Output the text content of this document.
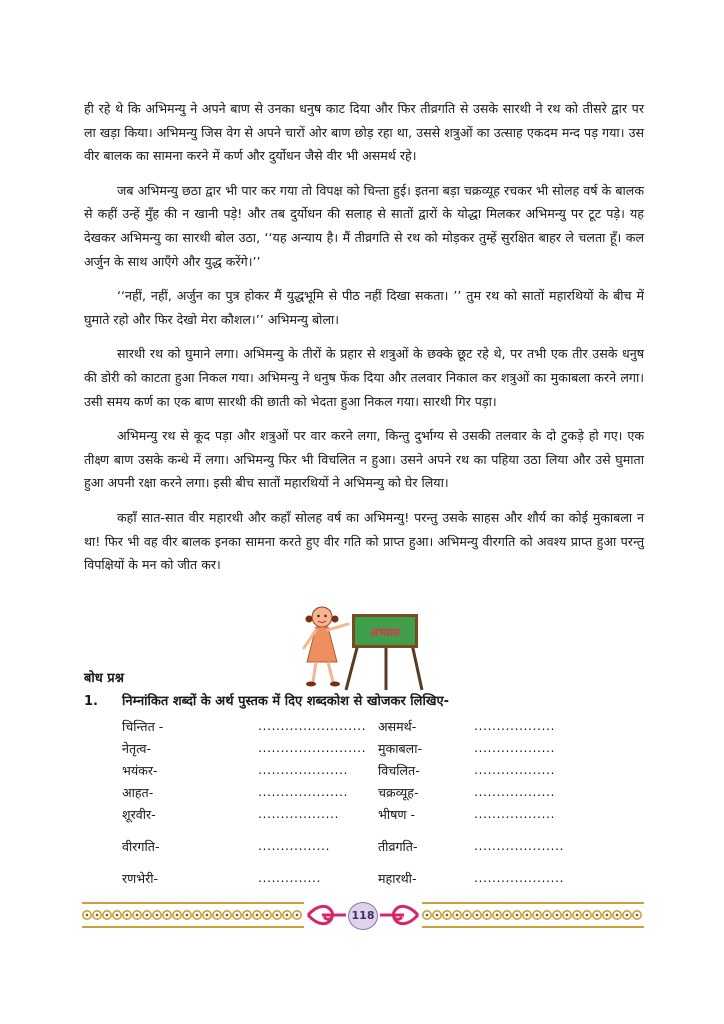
ही रहे थे कि अभिमन्यु ने अपने बाण से उनका धनुष काट दिया और फिर तीव्रगति से उसके सारथी ने रथ को तीसरे द्वार पर ला खड़ा किया। अभिमन्यु जिस वेग से अपने चारों ओर बाण छोड़ रहा था, उससे शत्रुओं का उत्साह एकदम मन्द पड़ गया। उस वीर बालक का सामना करने में कर्ण और दुर्योधन जैसे वीर भी असमर्थ रहे।

जब अभिमन्यु छठा द्वार भी पार कर गया तो विपक्ष को चिन्ता हुई। इतना बड़ा चक्रव्यूह रचकर भी सोलह वर्ष के बालक से कहीं उन्हें मुँह की न खानी पड़े! और तब दुर्योधन की सलाह से सातों द्वारों के योद्धा मिलकर अभिमन्यु पर टूट पड़े। यह देखकर अभिमन्यु का सारथी बोल उठा, ‘‘यह अन्याय है। मैं तीव्रगति से रथ को मोड़कर तुम्हें सुरक्षित बाहर ले चलता हूँ। कल अर्जुन के साथ आएँगे और युद्ध करेंगे।’’

‘‘नहीं, नहीं, अर्जुन का पुत्र होकर मैं युद्धभूमि से पीठ नहीं दिखा सकता। ’’ तुम रथ को सातों महारथियों के बीच में घुमाते रहो और फिर देखो मेरा कौशल।’’ अभिमन्यु बोला।

सारथी रथ को घुमाने लगा। अभिमन्यु के तीरों के प्रहार से शत्रुओं के छक्के छूट रहे थे, पर तभी एक तीर उसके धनुष की डोरी को काटता हुआ निकल गया। अभिमन्यु ने धनुष फेंक दिया और तलवार निकाल कर शत्रुओं का मुकाबला करने लगा। उसी समय कर्ण का एक बाण सारथी की छाती को भेदता हुआ निकल गया। सारथी गिर पड़ा।

अभिमन्यु रथ से कूद पड़ा और शत्रुओं पर वार करने लगा, किन्तु दुर्भाग्य से उसकी तलवार के दो टुकड़े हो गए। एक तीक्ष्ण बाण उसके कन्धे में लगा। अभिमन्यु फिर भी विचलित न हुआ। उसने अपने रथ का पहिया उठा लिया और उसे घुमाता हुआ अपनी रक्षा करने लगा। इसी बीच सातों महारथियों ने अभिमन्यु को घेर लिया।

कहाँ सात-सात वीर महारथी और कहाँ सोलह वर्ष का अभिमन्यु! परन्तु उसके साहस और शौर्य का कोई मुकाबला न था! फिर भी वह वीर बालक इनका सामना करते हुए वीर गति को प्राप्त हुआ। अभिमन्यु वीरगति को अवश्य प्राप्त हुआ परन्तु विपक्षियों के मन को जीत कर।

अभ्यास

बोध प्रश्न

1.	निम्नांकित शब्दों के अर्थ पुस्तक में दिए शब्दकोश से खोजकर लिखिए-
चिन्तित -	........................ असमर्थ-	..................
नेतृत्व-	........................ मुकाबला-	..................
भयंकर-	.................... विचलित-	..................
आहत-	.................... चक्रव्यूह-	..................
शूरवीर-	..................	भीषण -	..................
वीरगति-	................	तीव्रगति-	....................
रणभेरी-	..............	महारथी-	....................
118
